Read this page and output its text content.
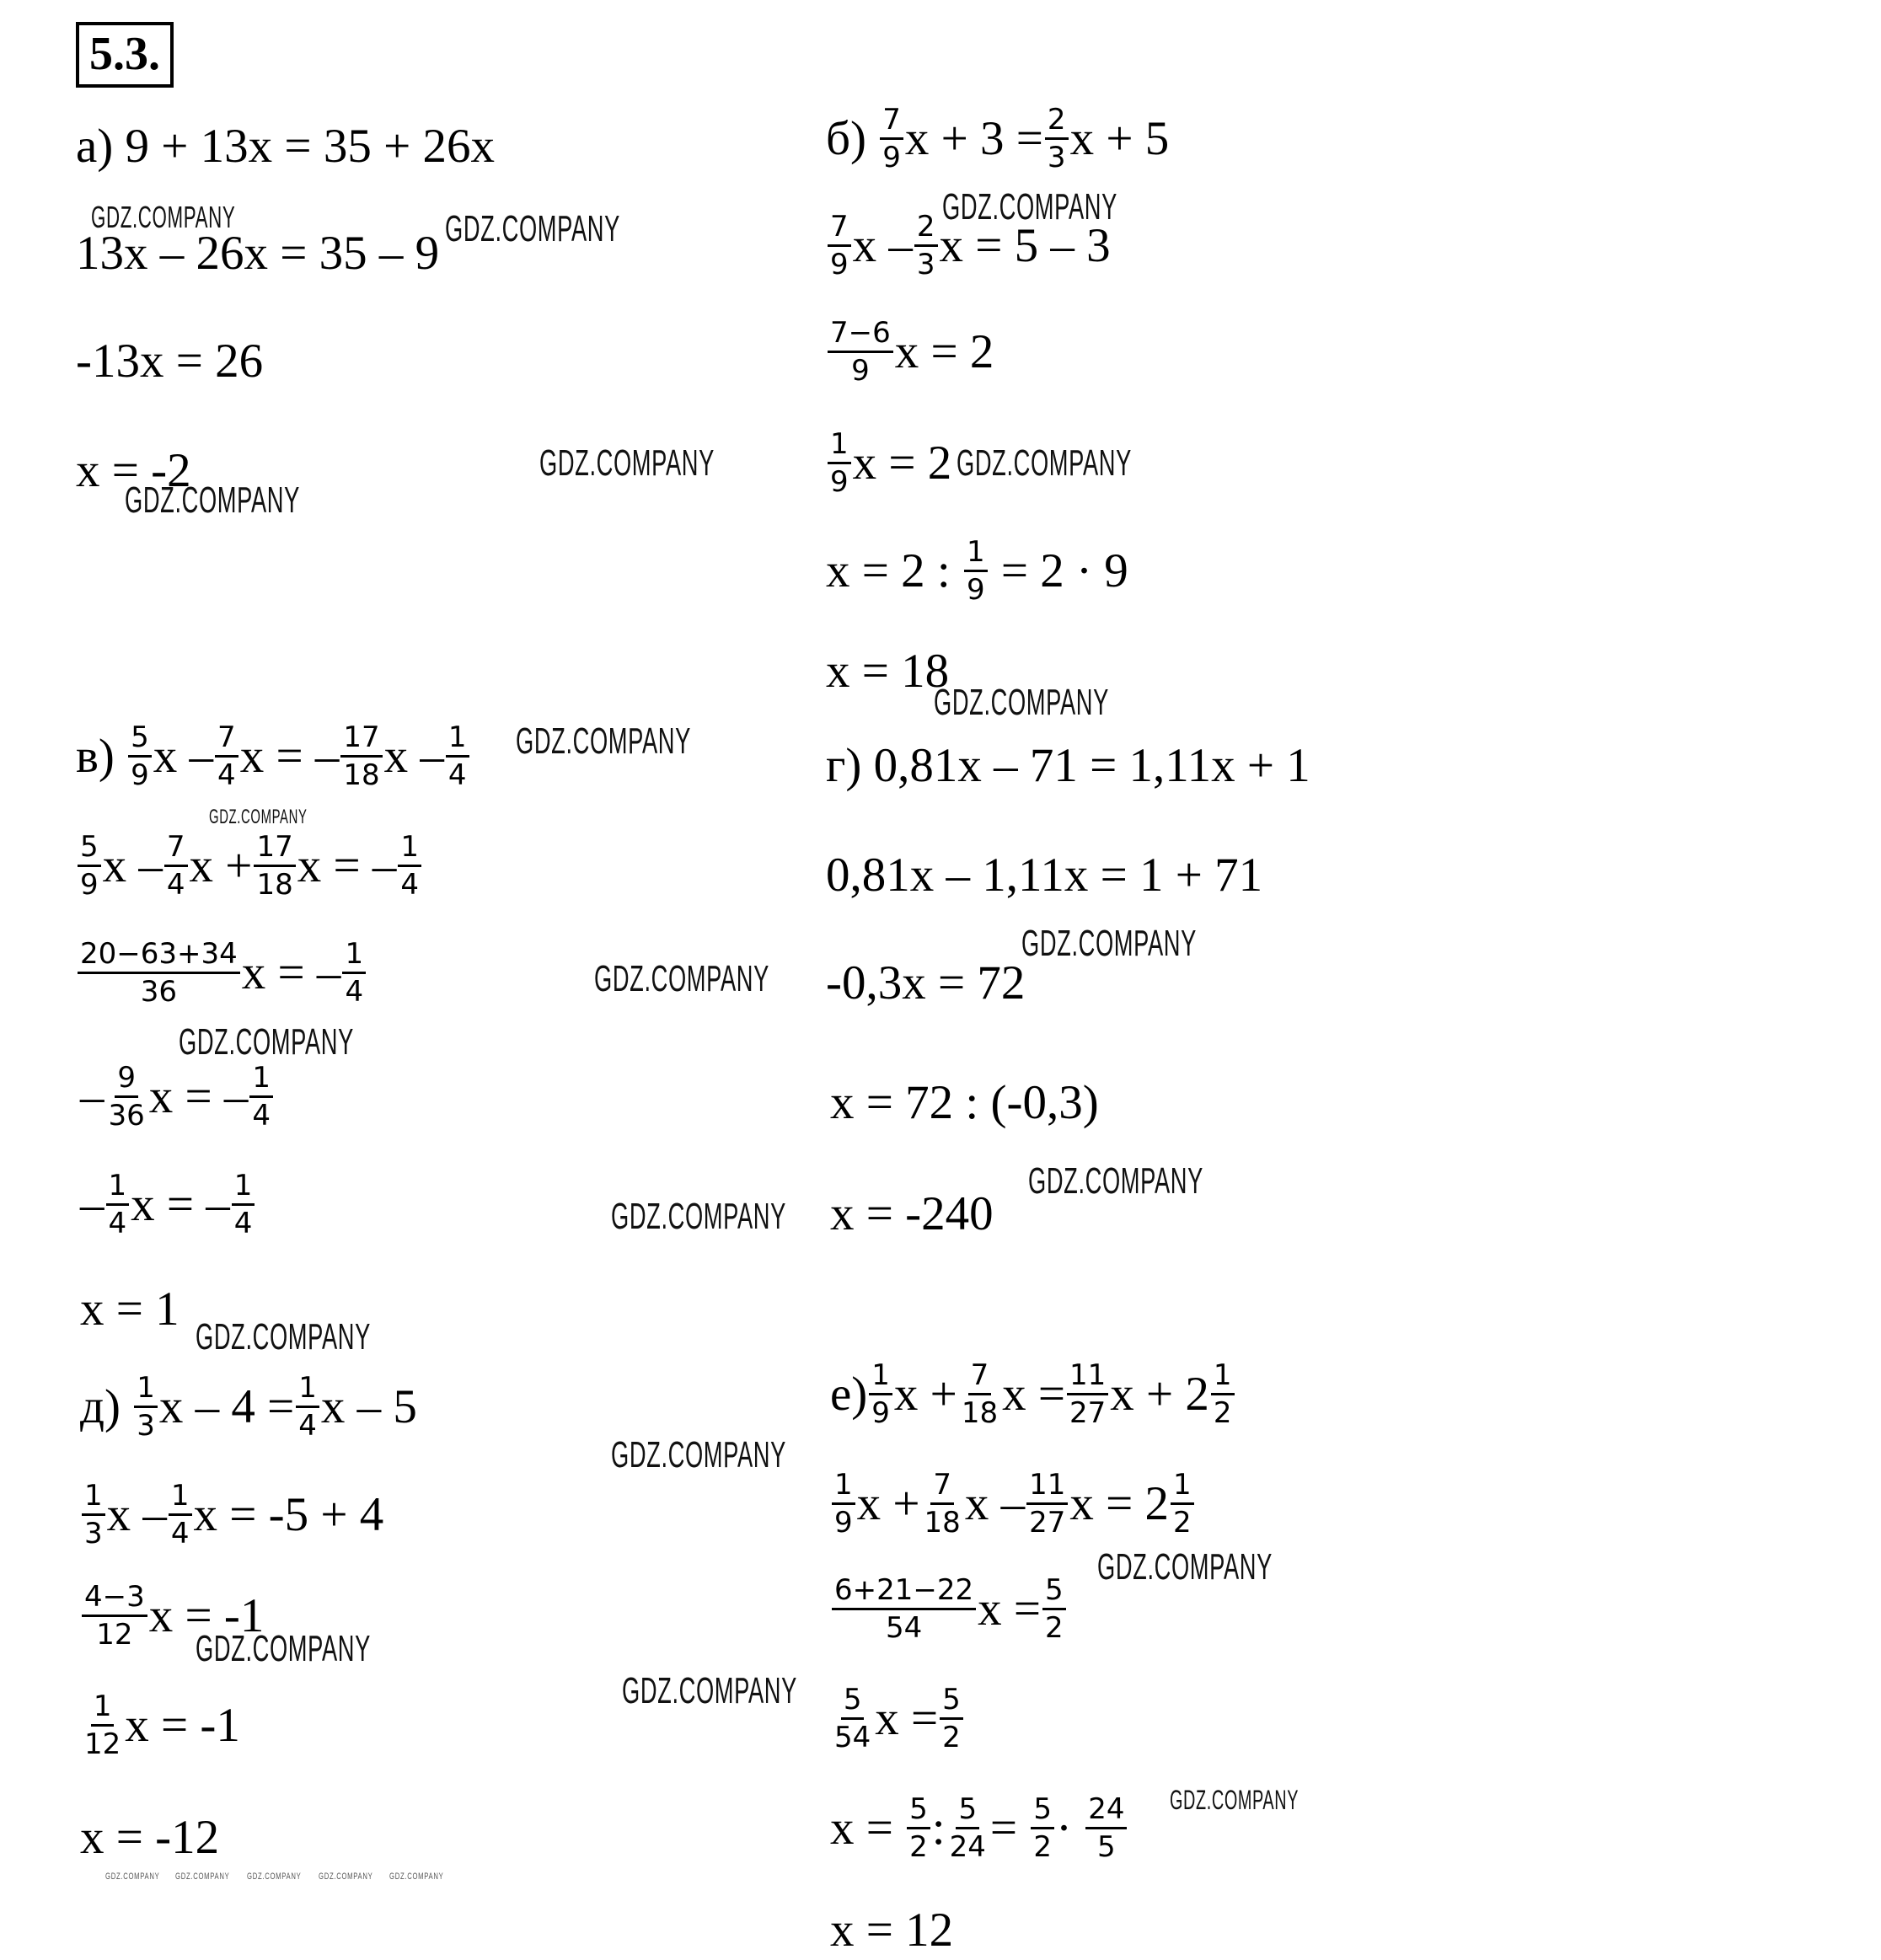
5.3.
а) 9 + 13x = 35 + 26x
13x – 26x = 35 – 9
-13x = 26
x = -2
б)
$\frac{7}{9}$ $x + 3 = \frac{2}{3}$ x + 5
$\frac{7}{9}$ x – $\frac{2}{3}$ x = 5 – 3
$\frac{7-6}{9}$ x = 2
$\frac{1}{9}$ x = 2
x = 2 :
$\frac{1}{9}$
= 2 · 9
x = 18
в)
$\frac{5}{9}$ x – $\frac{7}{4}$ x = – $\frac{17}{18}$ x – $\frac{1}{4}$
$\frac{5}{9}$ x – $\frac{7}{4}$ $x + \frac{17}{18}$ x = – $\frac{1}{4}$
$\frac{20-63+34}{36}$ x = – $\frac{1}{4}$
– $\frac{9}{36}$ x = – $\frac{1}{4}$
– $\frac{1}{4}$ x = – $\frac{1}{4}$
x = 1
г) 0,81x – 71 = 1,11x + 1
0,81x – 1,11x = 1 + 71
-0,3x = 72
x = 72 : (-0,3)
x = -240
д)
$\frac{1}{3}$ $x - 4 = \frac{1}{4}$ x – 5
$\frac{1}{3}$ x – $\frac{1}{4}$ x = -5 + 4
$\frac{4-3}{12}$ x = -1
$\frac{1}{12}$ x = -1
x = -12
$е) \frac{1}{9}$ $x + \frac{7}{18}$ $x = \frac{11}{27}$ $x + 2 \frac{1}{2}$
$\frac{1}{9}$ $x + \frac{7}{18}$ x – $\frac{11}{27}$ $x = 2 \frac{1}{2}$
$\frac{6+21-22}{54}$ $x = \frac{5}{2}$
$\frac{5}{54}$ $x = \frac{5}{2}$
x =
$\frac{5}{2}$ : $\frac{5}{24}$ =
$\frac{5}{2}$ ·
$\frac{24}{5}$
x = 12
GDZ.COMPANY	GDZ.COMPANY
GDZ.COMPANY
GDZ.COMPANY
GDZ.COMPANY
GDZ.COMPANY
GDZ.COMPANY
GDZ.COMPANY
GDZ.COMPANY
GDZ.COMPANY
GDZ.COMPANY
GDZ.COMPANY
GDZ.COMPANY
GDZ.COMPANY
GDZ.COMPANY
GDZ.COMPANY
GDZ.COMPANY
GDZ.COMPANY
GDZ.COMPANY
GDZ.COMPANY
GDZ.COMPANY GDZ.COMPANY GDZ.COMPANY GDZ.COMPANY GDZ.COMPANY
